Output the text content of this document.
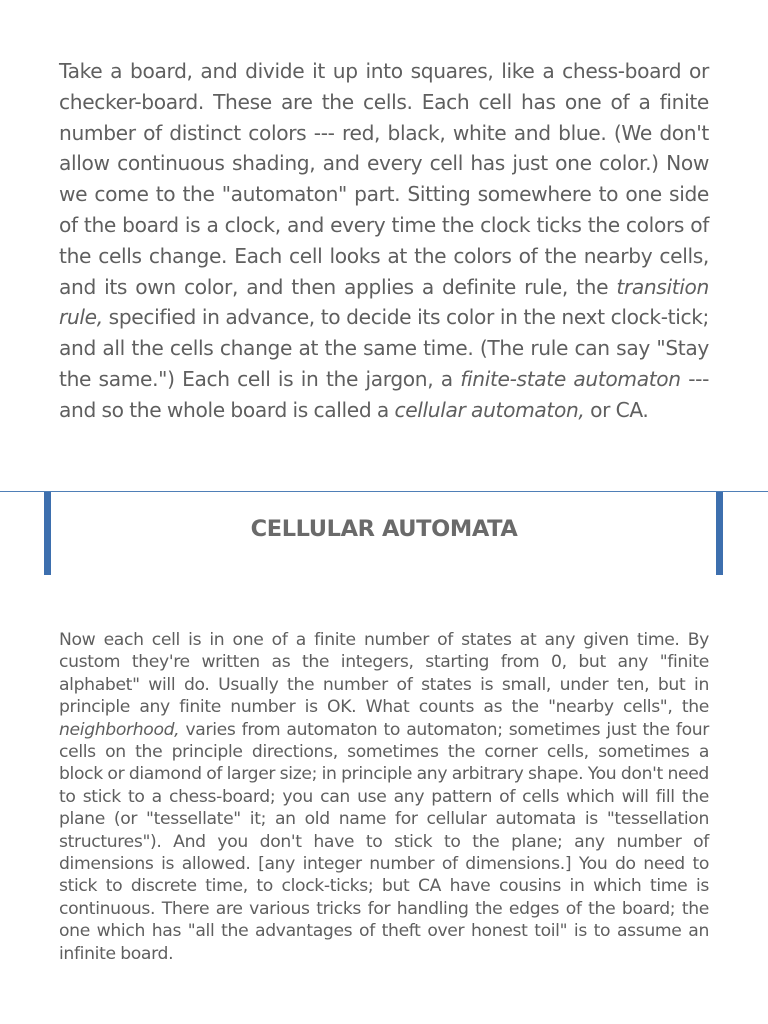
Take a board, and divide it up into squares, like a chess-board or checker-board. These are the cells. Each cell has one of a finite number of distinct colors --- red, black, white and blue. (We don't allow continuous shading, and every cell has just one color.) Now we come to the "automaton" part. Sitting somewhere to one side of the board is a clock, and every time the clock ticks the colors of the cells change. Each cell looks at the colors of the nearby cells, and its own color, and then applies a definite rule, the transition rule, specified in advance, to decide its color in the next clock-tick; and all the cells change at the same time. (The rule can say "Stay the same.") Each cell is in the jargon, a finite-state automaton --- and so the whole board is called a cellular automaton, or CA.

CELLULAR AUTOMATA

Now each cell is in one of a finite number of states at any given time. By custom they're written as the integers, starting from 0, but any "finite alphabet" will do. Usually the number of states is small, under ten, but in principle any finite number is OK. What counts as the "nearby cells", the neighborhood, varies from automaton to automaton; sometimes just the four cells on the principle directions, sometimes the corner cells, sometimes a block or diamond of larger size; in principle any arbitrary shape. You don't need to stick to a chess-board; you can use any pattern of cells which will fill the plane (or "tessellate" it; an old name for cellular automata is "tessellation structures"). And you don't have to stick to the plane; any number of dimensions is allowed. [any integer number of dimensions.] You do need to stick to discrete time, to clock-ticks; but CA have cousins in which time is continuous. There are various tricks for handling the edges of the board; the one which has "all the advantages of theft over honest toil" is to assume an infinite board.
